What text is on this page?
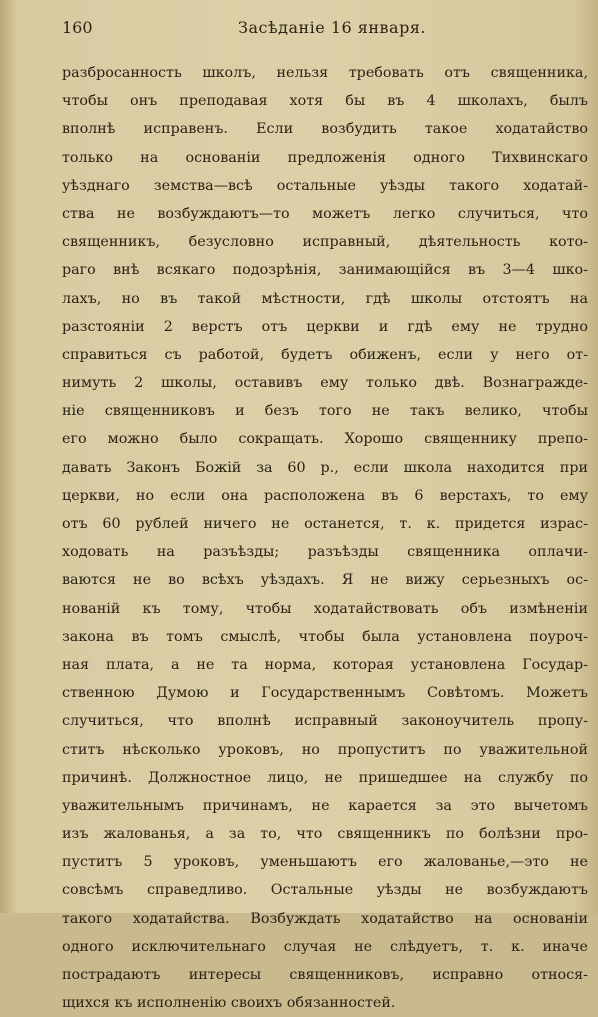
160	Засѣданіе 16 января.
разбросанность школъ, нельзя требовать отъ священника,
чтобы онъ преподавая хотя бы въ 4 школахъ, былъ
вполнѣ исправенъ. Если возбудить такое ходатайство
только на основаніи предложенія одного Тихвинскаго
уѣзднаго земства—всѣ остальные уѣзды такого ходатай-
ства не возбуждаютъ—то можетъ легко случиться, что
священникъ, безусловно исправный, дѣятельность кото-
раго внѣ всякаго подозрѣнія, занимающійся въ 3—4 шко-
лахъ, но въ такой мѣстности, гдѣ школы отстоятъ на
разстояніи 2 верстъ отъ церкви и гдѣ ему не трудно
справиться съ работой, будетъ обиженъ, если у него от-
нимуть 2 школы, оставивъ ему только двѣ. Вознагражде-
ніе священниковъ и безъ того не такъ велико, чтобы
его можно было сокращать. Хорошо священнику препо-
давать Законъ Божій за 60 р., если школа находится при
церкви, но если она расположена въ 6 верстахъ, то ему
отъ 60 рублей ничего не останется, т. к. придется израс-
ходовать на разъѣзды; разъѣзды священника оплачи-
ваются не во всѣхъ уѣздахъ. Я не вижу серьезныхъ ос-
нованій къ тому, чтобы ходатайствовать объ измѣненіи
закона въ томъ смыслѣ, чтобы была установлена поуроч-
ная плата, а не та норма, которая установлена Государ-
ственною Думою и Государственнымъ Совѣтомъ. Можетъ
случиться, что вполнѣ исправный законоучитель пропу-
ститъ нѣсколько уроковъ, но пропуститъ по уважительной
причинѣ. Должностное лицо, не пришедшее на службу по
уважительнымъ причинамъ, не карается за это вычетомъ
изъ жалованья, а за то, что священникъ по болѣзни про-
пуститъ 5 уроковъ, уменьшаютъ его жалованье,—это не
совсѣмъ справедливо. Остальные уѣзды не возбуждаютъ
такого ходатайства. Возбуждать ходатайство на основаніи
одного исключительнаго случая не слѣдуетъ, т. к. иначе
пострадаютъ интересы священниковъ, исправно относя-
щихся къ исполненію своихъ обязанностей.
